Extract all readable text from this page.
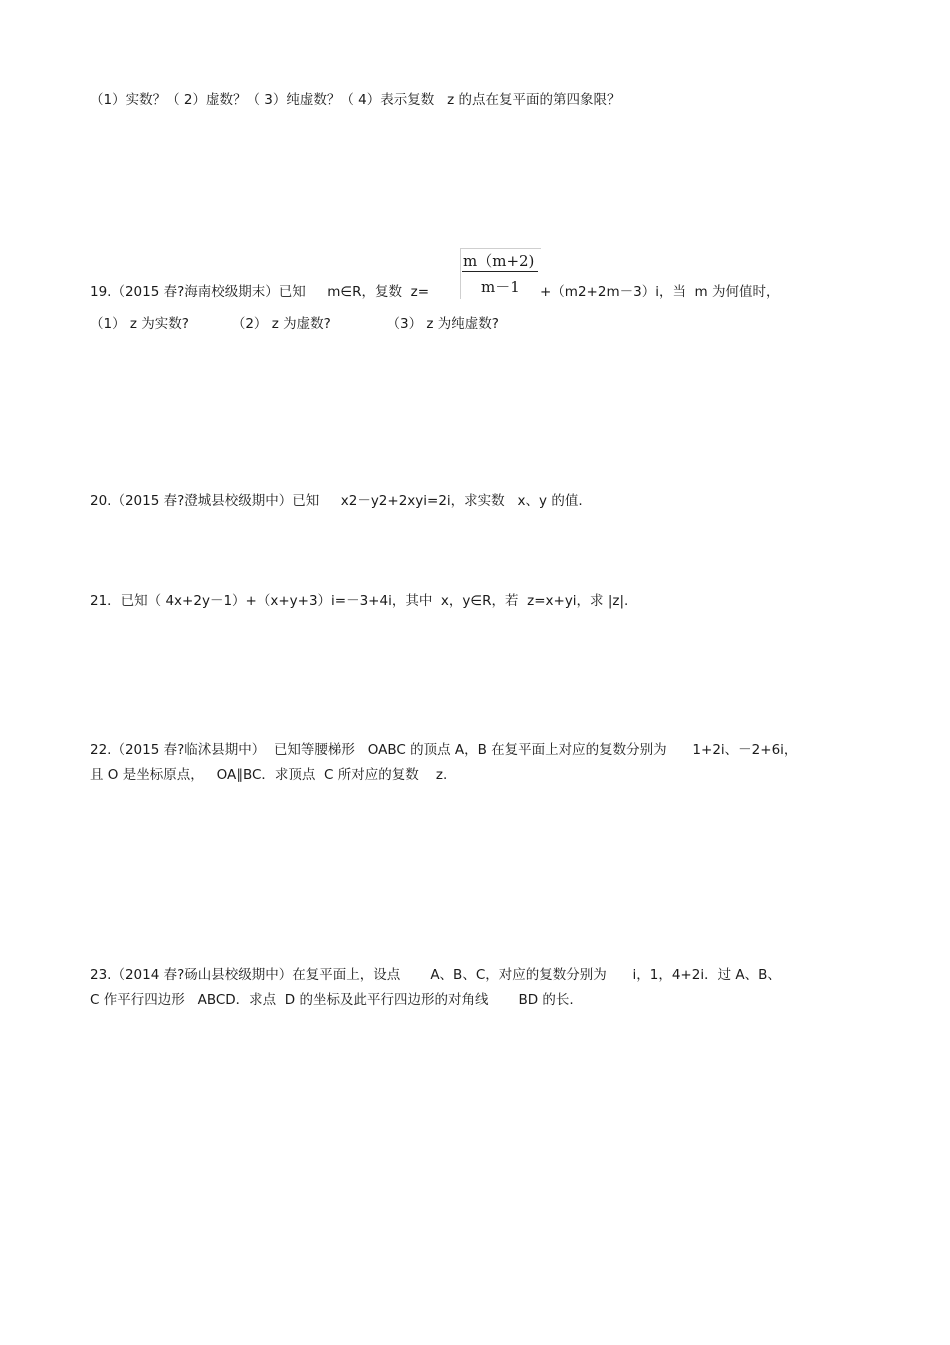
（1）实数？（ 2）虚数？（ 3）纯虚数？（ 4）表示复数   z 的点在复平面的第四象限？
19.（2015 春?海南校级期末）已知     m∈R，复数  z=
m（m+2)
m－1 +（m2+2m－3）i，当  m 为何值时，
（1） z 为实数?          （2） z 为虚数?             （3） z 为纯虚数?
20.（2015 春?澄城县校级期中）已知     x2－y2+2xyi=2i，求实数   x、y 的值.
21．已知（ 4x+2y－1）+（x+y+3）i=－3+4i，其中  x，y∈R，若  z=x+yi，求 |z|.
22.（2015 春?临沭县期中）  已知等腰梯形   OABC 的顶点 A，B 在复平面上对应的复数分别为      1+2i、－2+6i，
且 O 是坐标原点，   OA∥BC．求顶点  C 所对应的复数    z.
23.（2014 春?砀山县校级期中）在复平面上，设点       A、B、C，对应的复数分别为      i，1，4+2i．过 A、B、
C 作平行四边形   ABCD．求点  D 的坐标及此平行四边形的对角线       BD 的长.
